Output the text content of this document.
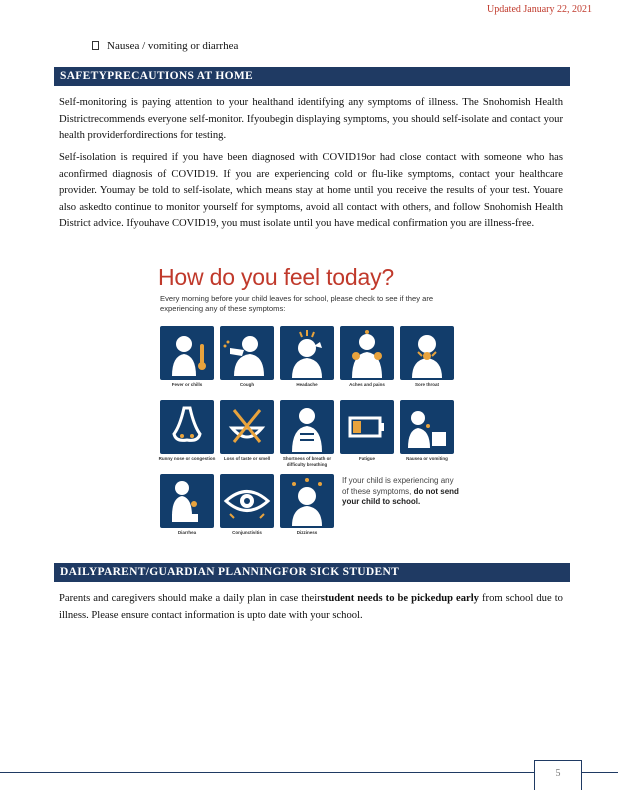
Updated January 22, 2021
Nausea / vomiting or diarrhea
SAFETYPRECAUTIONS AT HOME

Self-monitoring is paying attention to your healthand identifying any symptoms of illness. The Snohomish Health Districtrecommends everyone self-monitor. Ifyoubegin displaying symptoms, you should self-isolate and contact your health providerfordirections for testing.

Self-isolation is required if you have been diagnosed with COVID19or had close contact with someone who has aconfirmed diagnosis of COVID19. If you are experiencing cold or flu-like symptoms, contact your healthcare provider. Youmay be told to self-isolate, which means stay at home until you receive the results of your test. Youare also askedto continue to monitor yourself for symptoms, avoid all contact with others, and follow Snohomish Health District advice. Ifyouhave COVID19, you must isolate until you have medical confirmation you are illness-free.

How do you feel today?
Every morning before your child leaves for school, please check to see if they are experiencing any of these symptoms:
Fever or chills	Cough	Headache	Aches and pains	Sore throat
Runny nose or congestion	Loss of taste or smell	Shortness of breath or difficulty breathing
Fatigue	Nausea or vomiting
Diarrhea	Conjunctivitis	Dizziness
If your child is experiencing any of these symptoms, do not send your child to school.
DAILYPARENT/GUARDIAN PLANNINGFOR SICK STUDENT

Parents and caregivers should make a daily plan in case theirstudent needs to be pickedup early from school due to illness. Please ensure contact information is upto date with your school.

5
